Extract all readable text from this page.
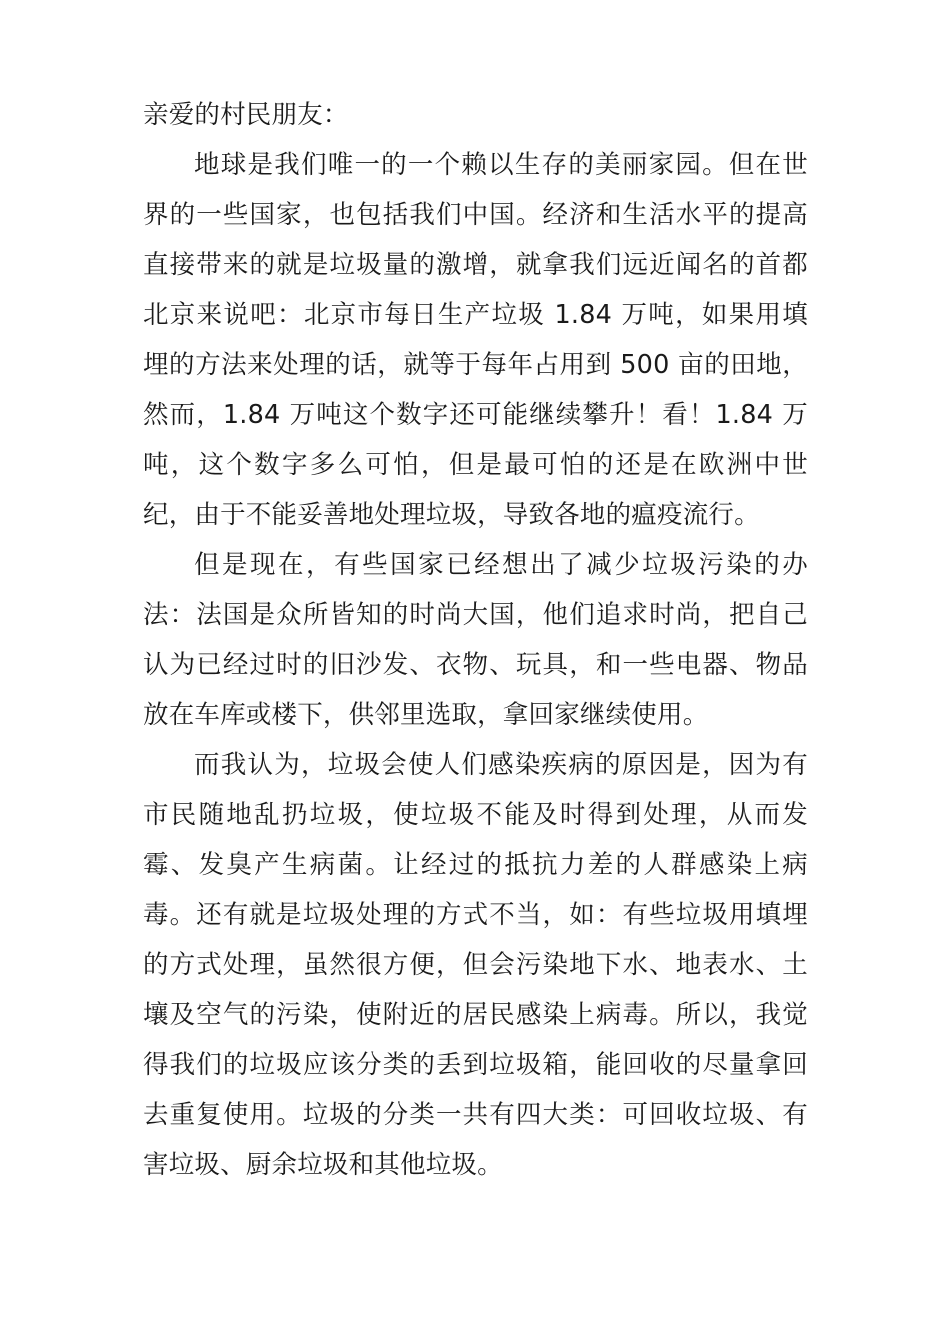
亲爱的村民朋友：

地球是我们唯一的一个赖以生存的美丽家园。但在世界的一些国家，也包括我们中国。经济和生活水平的提高直接带来的就是垃圾量的激增，就拿我们远近闻名的首都北京来说吧：北京市每日生产垃圾 1.84 万吨，如果用填埋的方法来处理的话，就等于每年占用到 500 亩的田地，然而，1.84 万吨这个数字还可能继续攀升！看！1.84 万吨，这个数字多么可怕，但是最可怕的还是在欧洲中世纪，由于不能妥善地处理垃圾，导致各地的瘟疫流行。

但是现在，有些国家已经想出了减少垃圾污染的办法：法国是众所皆知的时尚大国，他们追求时尚，把自己认为已经过时的旧沙发、衣物、玩具，和一些电器、物品放在车库或楼下，供邻里选取，拿回家继续使用。

而我认为，垃圾会使人们感染疾病的原因是，因为有市民随地乱扔垃圾，使垃圾不能及时得到处理，从而发霉、发臭产生病菌。让经过的抵抗力差的人群感染上病毒。还有就是垃圾处理的方式不当，如：有些垃圾用填埋的方式处理，虽然很方便，但会污染地下水、地表水、土壤及空气的污染，使附近的居民感染上病毒。所以，我觉得我们的垃圾应该分类的丢到垃圾箱，能回收的尽量拿回去重复使用。垃圾的分类一共有四大类：可回收垃圾、有害垃圾、厨余垃圾和其他垃圾。
